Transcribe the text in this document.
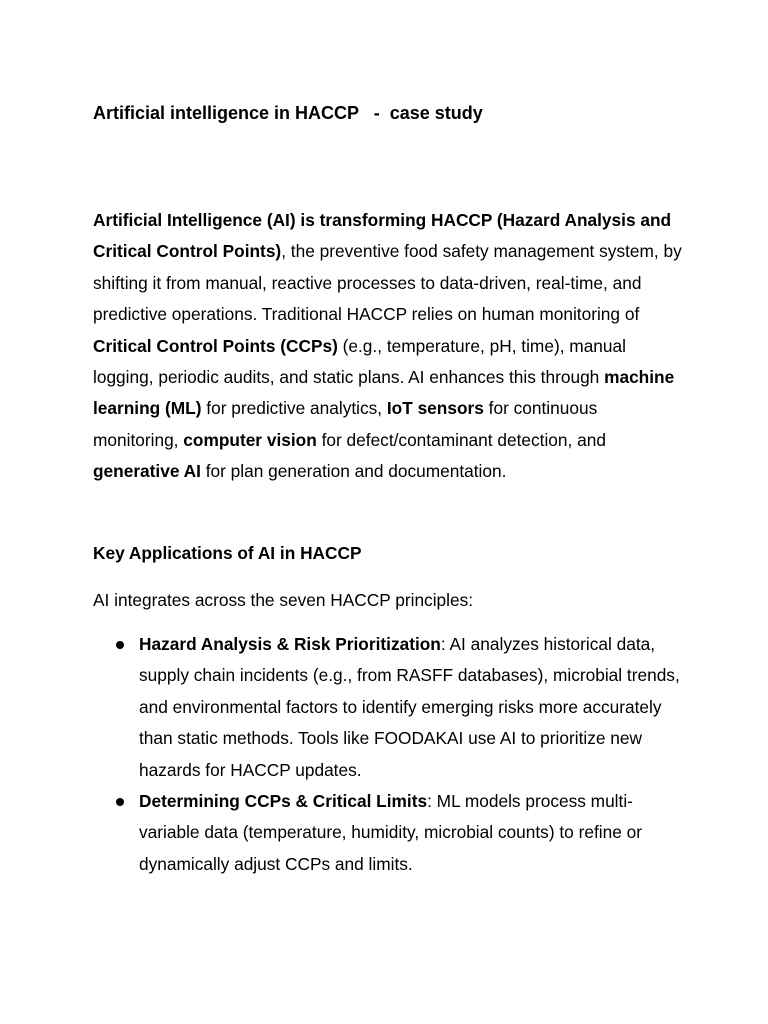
Artificial intelligence in HACCP   -  case study

Artificial Intelligence (AI) is transforming HACCP (Hazard Analysis and Critical Control Points), the preventive food safety management system, by shifting it from manual, reactive processes to data-driven, real-time, and predictive operations. Traditional HACCP relies on human monitoring of Critical Control Points (CCPs) (e.g., temperature, pH, time), manual logging, periodic audits, and static plans. AI enhances this through machine learning (ML) for predictive analytics, IoT sensors for continuous monitoring, computer vision for defect/contaminant detection, and generative AI for plan generation and documentation.

Key Applications of AI in HACCP

AI integrates across the seven HACCP principles:

Hazard Analysis & Risk Prioritization: AI analyzes historical data, supply chain incidents (e.g., from RASFF databases), microbial trends, and environmental factors to identify emerging risks more accurately than static methods. Tools like FOODAKAI use AI to prioritize new hazards for HACCP updates.
Determining CCPs & Critical Limits: ML models process multi-variable data (temperature, humidity, microbial counts) to refine or dynamically adjust CCPs and limits.
